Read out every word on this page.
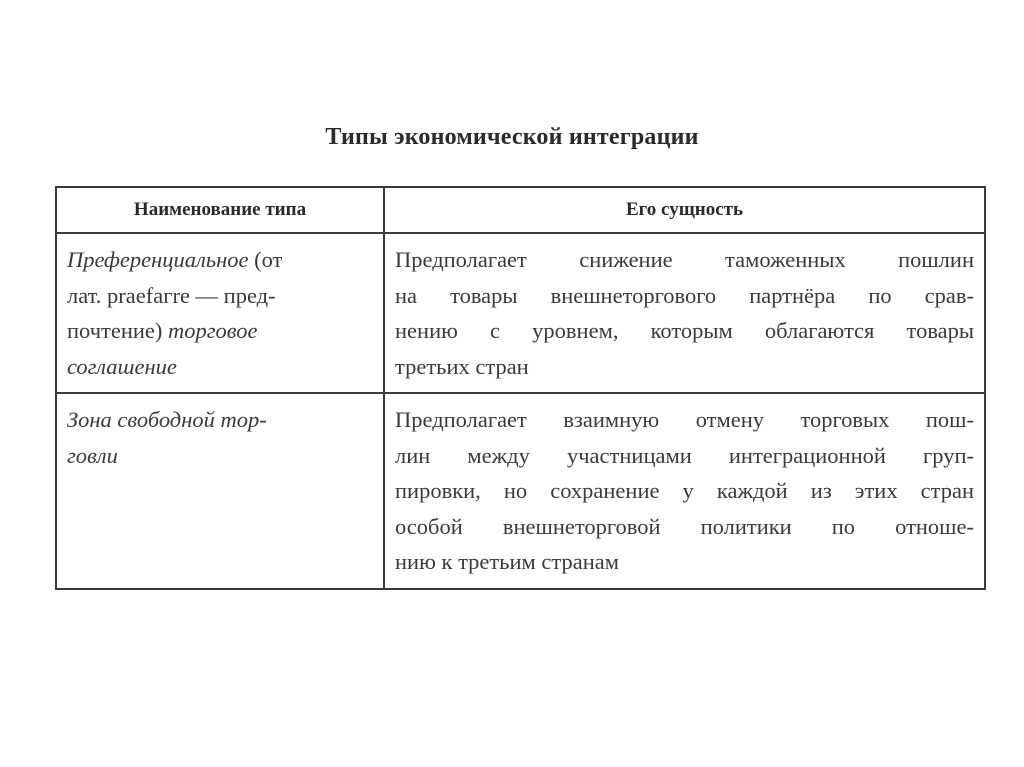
Типы экономической интеграции
Наименование типа	Его сущность

Преференциальное (от
лат. praefaгre — пред-
почтение) торговое
соглашение	Предполагает снижение таможенных пошлин
на товары внешнеторгового партнёра по срав-
нению с уровнем, которым облагаются товары
третьих стран

Зона свободной тор-
говли	Предполагает взаимную отмену торговых пош-
лин между участницами интеграционной груп-
пировки, но сохранение у каждой из этих стран
особой внешнеторговой политики по отноше-
нию к третьим странам
